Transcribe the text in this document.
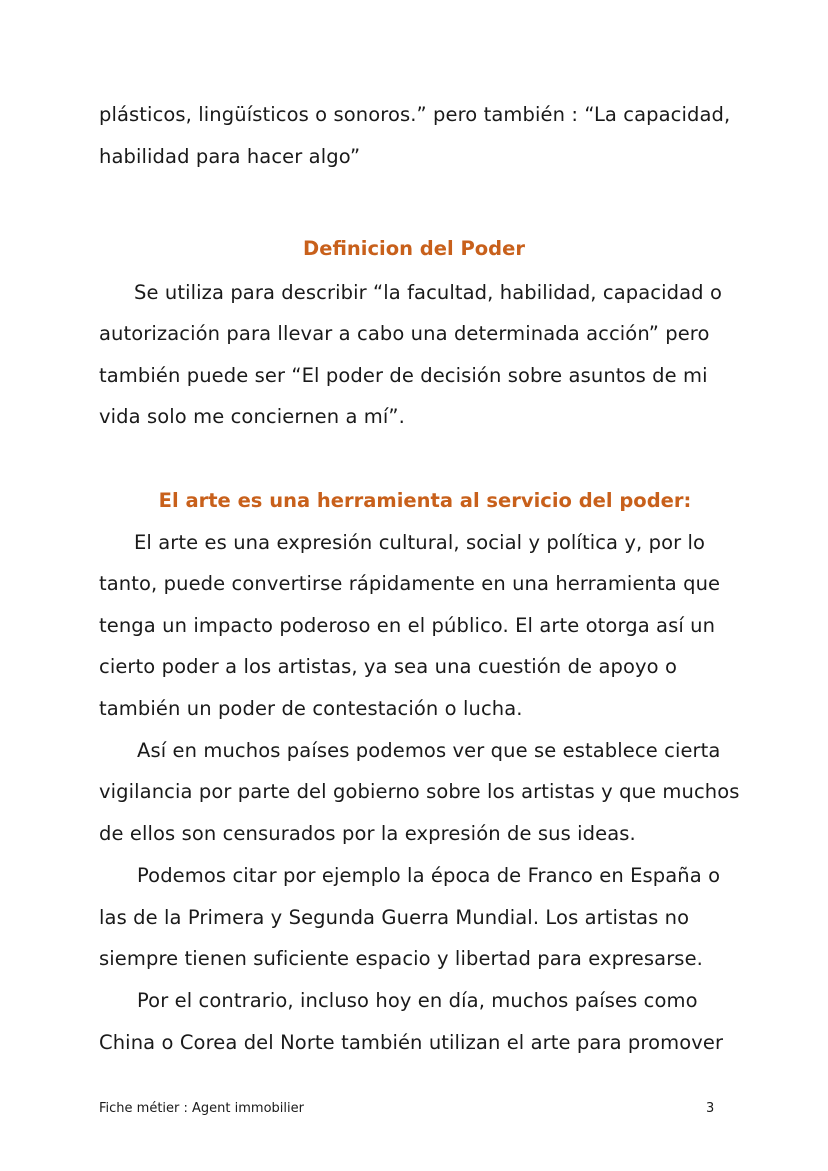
plásticos, lingüísticos o sonoros.” pero también : “La capacidad,
habilidad para hacer algo”
Definicion del Poder
Se utiliza para describir “la facultad, habilidad, capacidad o
autorización para llevar a cabo una determinada acción” pero
también puede ser “El poder de decisión sobre asuntos de mi
vida solo me conciernen a mí”.
El arte es una herramienta al servicio del poder:
El arte es una expresión cultural, social y política y, por lo
tanto, puede convertirse rápidamente en una herramienta que
tenga un impacto poderoso en el público. El arte otorga así un
cierto poder a los artistas, ya sea una cuestión de apoyo o
también un poder de contestación o lucha.
Así en muchos países podemos ver que se establece cierta
vigilancia por parte del gobierno sobre los artistas y que muchos
de ellos son censurados por la expresión de sus ideas.
Podemos citar por ejemplo la época de Franco en España o
las de la Primera y Segunda Guerra Mundial. Los artistas no
siempre tienen suficiente espacio y libertad para expresarse.
Por el contrario, incluso hoy en día, muchos países como
China o Corea del Norte también utilizan el arte para promover
Fiche métier : Agent immobilier	3
